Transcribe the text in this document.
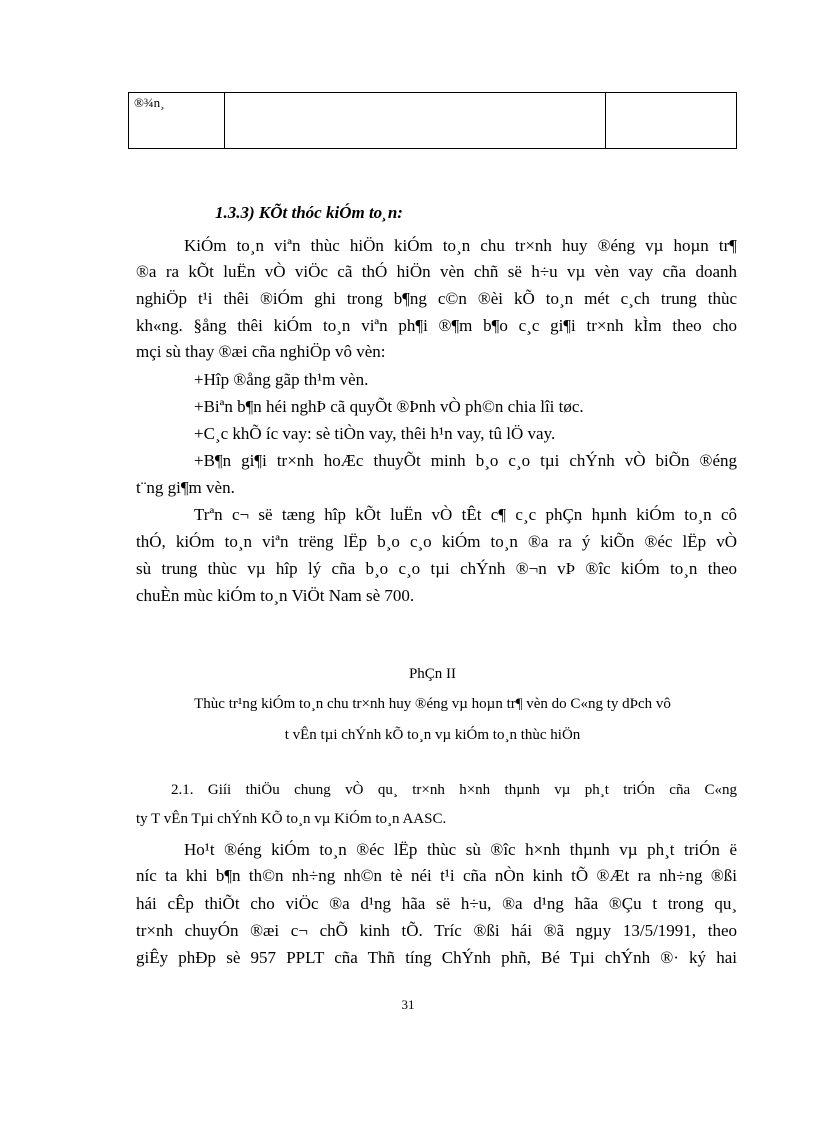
®¾n¸		
1.3.3) KÕt thóc kiÓm to¸n:
KiÓm to¸n viªn thùc hiÖn kiÓm to¸n chu tr×nh huy ®éng vµ hoµn tr¶
®a ra kÕt luËn vÒ viÖc cã thÓ hiÖn vèn chñ së h÷u vµ vèn vay cña doanh
nghiÖp t¹i thêi ®iÓm ghi trong b¶ng c©n ®èi kÕ to¸n mét c¸ch trung thùc
kh«ng. §ång thêi kiÓm to¸n viªn ph¶i ®¶m b¶o c¸c gi¶i tr×nh kÌm theo cho
mçi sù thay ®æi cña nghiÖp vô vèn:
+Hîp ®ång gãp th¹m vèn.
+Biªn b¶n héi nghÞ cã quyÕt ®Þnh vÒ ph©n chia lîi tøc.
+C¸c khÕ íc vay: sè tiÒn vay, thêi h¹n vay, tû lÖ vay.
+B¶n gi¶i tr×nh hoÆc thuyÕt minh b¸o c¸o tµi chÝnh vÒ biÕn ®éng
t¨ng gi¶m vèn.
Trªn c¬ së tæng hîp kÕt luËn vÒ tÊt c¶ c¸c phÇn hµnh kiÓm to¸n cô
thÓ, kiÓm to¸n viªn trëng lËp b¸o c¸o kiÓm to¸n ®a ra ý kiÕn ®éc lËp vÒ
sù trung thùc vµ hîp lý cña b¸o c¸o tµi chÝnh ®¬n vÞ ®îc kiÓm to¸n theo
chuÈn mùc kiÓm to¸n ViÖt Nam sè 700.
PhÇn II
Thùc tr¹ng kiÓm to¸n chu tr×nh huy ®éng vµ hoµn tr¶ vèn do C«ng ty dÞch vô
t vÊn tµi chÝnh kÕ to¸n vµ kiÓm to¸n thùc hiÖn
2.1. Giíi thiÖu chung vÒ qu¸ tr×nh h×nh thµnh vµ ph¸t triÓn cña C«ng
ty T vÊn Tµi chÝnh KÕ to¸n vµ KiÓm to¸n AASC.
Ho¹t ®éng kiÓm to¸n ®éc lËp thùc sù ®îc h×nh thµnh vµ ph¸t triÓn ë
níc ta khi b¶n th©n nh÷ng nh©n tè néi t¹i cña nÒn kinh tÕ ®Æt ra nh÷ng ®ßi
hái cÊp thiÕt cho viÖc ®a d¹ng hãa së h÷u, ®a d¹ng hãa ®Çu t trong qu¸
tr×nh chuyÓn ®æi c¬ chÕ kinh tÕ. Tríc ®ßi hái ®ã ngµy 13/5/1991, theo
giÊy phÐp sè 957 PPLT cña Thñ tíng ChÝnh phñ, Bé Tµi chÝnh ®· ký hai
31
